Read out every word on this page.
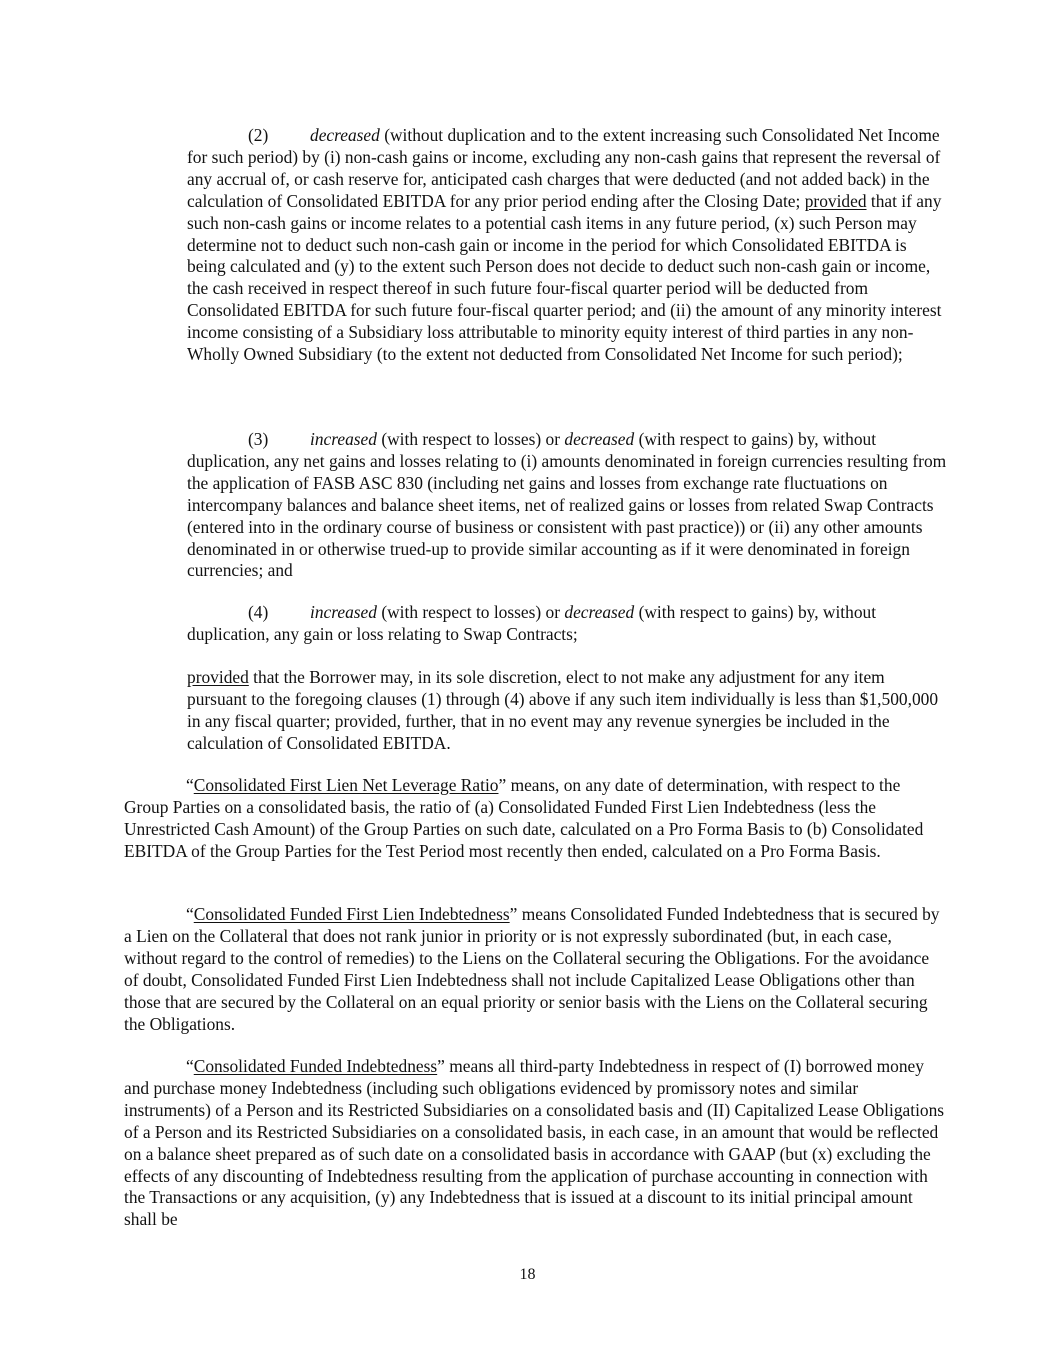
(2) decreased (without duplication and to the extent increasing such Consolidated Net Income for such period) by (i) non-cash gains or income, excluding any non-cash gains that represent the reversal of any accrual of, or cash reserve for, anticipated cash charges that were deducted (and not added back) in the calculation of Consolidated EBITDA for any prior period ending after the Closing Date; provided that if any such non-cash gains or income relates to a potential cash items in any future period, (x) such Person may determine not to deduct such non-cash gain or income in the period for which Consolidated EBITDA is being calculated and (y) to the extent such Person does not decide to deduct such non-cash gain or income, the cash received in respect thereof in such future four-fiscal quarter period will be deducted from Consolidated EBITDA for such future four-fiscal quarter period; and (ii) the amount of any minority interest income consisting of a Subsidiary loss attributable to minority equity interest of third parties in any non-Wholly Owned Subsidiary (to the extent not deducted from Consolidated Net Income for such period);

(3) increased (with respect to losses) or decreased (with respect to gains) by, without duplication, any net gains and losses relating to (i) amounts denominated in foreign currencies resulting from the application of FASB ASC 830 (including net gains and losses from exchange rate fluctuations on intercompany balances and balance sheet items, net of realized gains or losses from related Swap Contracts (entered into in the ordinary course of business or consistent with past practice)) or (ii) any other amounts denominated in or otherwise trued-up to provide similar accounting as if it were denominated in foreign currencies; and

(4) increased (with respect to losses) or decreased (with respect to gains) by, without duplication, any gain or loss relating to Swap Contracts;

provided that the Borrower may, in its sole discretion, elect to not make any adjustment for any item pursuant to the foregoing clauses (1) through (4) above if any such item individually is less than $1,500,000 in any fiscal quarter; provided, further, that in no event may any revenue synergies be included in the calculation of Consolidated EBITDA.

“Consolidated First Lien Net Leverage Ratio” means, on any date of determination, with respect to the Group Parties on a consolidated basis, the ratio of (a) Consolidated Funded First Lien Indebtedness (less the Unrestricted Cash Amount) of the Group Parties on such date, calculated on a Pro Forma Basis to (b) Consolidated EBITDA of the Group Parties for the Test Period most recently then ended, calculated on a Pro Forma Basis.

“Consolidated Funded First Lien Indebtedness” means Consolidated Funded Indebtedness that is secured by a Lien on the Collateral that does not rank junior in priority or is not expressly subordinated (but, in each case, without regard to the control of remedies) to the Liens on the Collateral securing the Obligations. For the avoidance of doubt, Consolidated Funded First Lien Indebtedness shall not include Capitalized Lease Obligations other than those that are secured by the Collateral on an equal priority or senior basis with the Liens on the Collateral securing the Obligations.

“Consolidated Funded Indebtedness” means all third-party Indebtedness in respect of (I) borrowed money and purchase money Indebtedness (including such obligations evidenced by promissory notes and similar instruments) of a Person and its Restricted Subsidiaries on a consolidated basis and (II) Capitalized Lease Obligations of a Person and its Restricted Subsidiaries on a consolidated basis, in each case, in an amount that would be reflected on a balance sheet prepared as of such date on a consolidated basis in accordance with GAAP (but (x) excluding the effects of any discounting of Indebtedness resulting from the application of purchase accounting in connection with the Transactions or any acquisition, (y) any Indebtedness that is issued at a discount to its initial principal amount shall be

18
